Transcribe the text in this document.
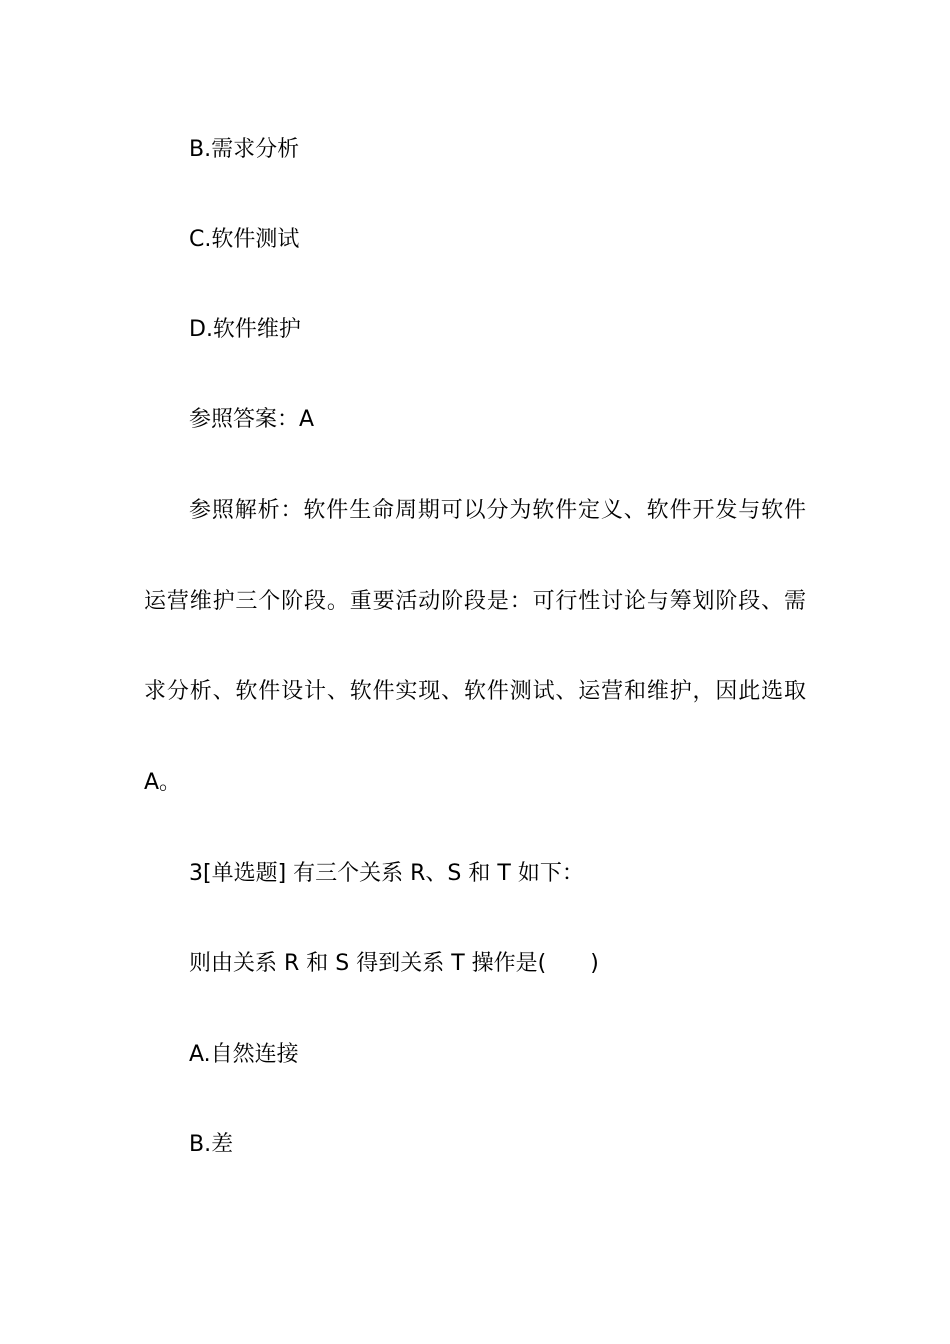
B.需求分析
C.软件测试
D.软件维护
参照答案：A
参照解析：软件生命周期可以分为软件定义、软件开发与软件
运营维护三个阶段。重要活动阶段是：可行性讨论与筹划阶段、需
求分析、软件设计、软件实现、软件测试、运营和维护，因此选取
A。
3[单选题] 有三个关系 R、S 和 T 如下：
则由关系 R 和 S 得到关系 T 操作是(　　)
A.自然连接
B.差
